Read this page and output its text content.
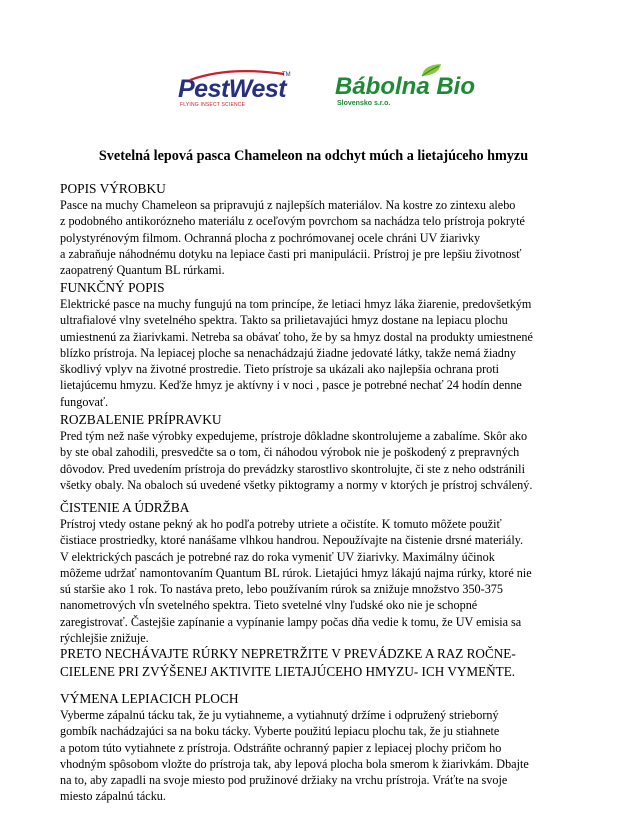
PestWest
TM
FLYING INSECT SCIENCE
Bábolna Bio
Slovensko s.r.o.
Svetelná lepová pasca Chameleon na odchyt múch a lietajúceho hmyzu
POPIS VÝROBKU
Pasce na muchy Chameleon sa pripravujú z najlepších materiálov. Na kostre zo zintexu alebo
z podobného antikorózneho materiálu z oceľovým povrchom sa nachádza telo prístroja pokryté
polystyrénovým filmom. Ochranná plocha z pochrómovanej ocele chráni UV žiarivky
a zabraňuje náhodnému dotyku na lepiace časti pri manipulácii. Prístroj je pre lepšiu životnosť
zaopatrený Quantum BL rúrkami.
FUNKČNÝ POPIS
Elektrické pasce na muchy fungujú na tom princípe, že letiaci hmyz láka žiarenie, predovšetkým
ultrafialové vlny svetelného spektra. Takto sa prilietavajúci hmyz dostane na lepiacu plochu
umiestnenú za žiarivkami. Netreba sa obávať toho, že by sa hmyz dostal na produkty umiestnené
blízko prístroja. Na lepiacej ploche sa nenachádzajú žiadne jedovaté látky, takže nemá žiadny
škodlivý vplyv na životné prostredie. Tieto prístroje sa ukázali ako najlepšia ochrana proti
lietajúcemu hmyzu. Keďže hmyz je aktívny i v noci , pasce je potrebné nechať 24 hodín denne
fungovať.
ROZBALENIE PRÍPRAVKU
Pred tým než naše výrobky expedujeme, prístroje dôkladne skontrolujeme a zabalíme. Skôr ako
by ste obal zahodili, presvedčte sa o tom, či náhodou výrobok nie je poškodený z prepravných
dôvodov. Pred uvedením prístroja do prevádzky starostlivo skontrolujte, či ste z neho odstránili
všetky obaly. Na obaloch sú uvedené všetky piktogramy a normy v ktorých je prístroj schválený.
ČISTENIE A ÚDRŽBA
Prístroj vtedy ostane pekný ak ho podľa potreby utriete a očistíte. K tomuto môžete použiť
čistiace prostriedky, ktoré nanášame vlhkou handrou. Nepoužívajte na čistenie drsné materiály.
V elektrických pascách je potrebné raz do roka vymeniť UV žiarivky. Maximálny účinok
môžeme udržať namontovaním Quantum BL rúrok. Lietajúci hmyz lákajú najma rúrky, ktoré nie
sú staršie ako 1 rok. To nastáva preto, lebo používaním rúrok sa znižuje množstvo 350-375
nanometrových vĺn svetelného spektra. Tieto svetelné vlny ľudské oko nie je schopné
zaregistrovať. Častejšie zapínanie a vypínanie lampy počas dňa vedie k tomu, že UV emisia sa
rýchlejšie znižuje.
PRETO NECHÁVAJTE RÚRKY NEPRETRŽITE V PREVÁDZKE A RAZ ROČNE-
CIELENE PRI ZVÝŠENEJ AKTIVITE LIETAJÚCEHO HMYZU- ICH VYMEŇTE.
VÝMENA LEPIACICH PLOCH
Vyberme zápalnú tácku tak, že ju vytiahneme, a vytiahnutý držíme i odpružený strieborný
gombík nachádzajúci sa na boku tácky. Vyberte použitú lepiacu plochu tak, že ju stiahnete
a potom túto vytiahnete z prístroja. Odstráňte ochranný papier z lepiacej plochy pričom ho
vhodným spôsobom vložte do prístroja tak, aby lepová plocha bola smerom k žiarivkám. Dbajte
na to, aby zapadli na svoje miesto pod pružinové držiaky na vrchu prístroja. Vráťte na svoje
miesto zápalnú tácku.
